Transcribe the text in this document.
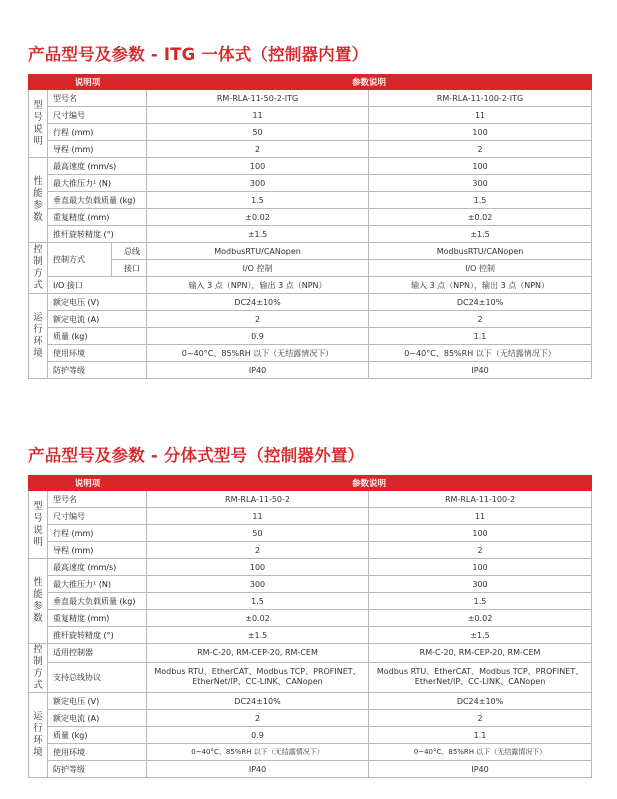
产品型号及参数 - ITG 一体式（控制器内置）
说明项			参数说明	
型
号
说
明	型号名		RM-RLA-11-50-2-ITG	RM-RLA-11-100-2-ITG
	尺寸编号		11	11
	行程 (mm)		50	100
	导程 (mm)		2	2
性
能
参
数	最高速度 (mm/s)		100	100
	最大推压力¹ (N)		300	300
	垂直最大负载质量 (kg)		1.5	1.5
	重复精度 (mm)		±0.02	±0.02
	推杆旋转精度 (°)		±1.5	±1.5
控
制
方
式	控制方式	总线	ModbusRTU/CANopen	ModbusRTU/CANopen
		接口	I/O 控制	I/O 控制
	I/O 接口		输入 3 点（NPN），输出 3 点（NPN）	输入 3 点（NPN），输出 3 点（NPN）
运
行
环
境	额定电压 (V)		DC24±10%	DC24±10%
	额定电流 (A)		2	2
	质量 (kg)		0.9	1.1
	使用环境		0~40°C、85%RH 以下（无结露情况下）	0~40°C、85%RH 以下（无结露情况下）
	防护等级		IP40	IP40
产品型号及参数 - 分体式型号（控制器外置）
说明项		参数说明	
型
号
说
明	型号名	RM-RLA-11-50-2	RM-RLA-11-100-2
	尺寸编号	11	11
	行程 (mm)	50	100
	导程 (mm)	2	2
性
能
参
数	最高速度 (mm/s)	100	100
	最大推压力¹ (N)	300	300
	垂直最大负载质量 (kg)	1.5	1.5
	重复精度 (mm)	±0.02	±0.02
	推杆旋转精度 (°)	±1.5	±1.5
控
制
方
式	适用控制器	RM-C-20, RM-CEP-20, RM-CEM	RM-C-20, RM-CEP-20, RM-CEM
	支持总线协议	Modbus RTU、EtherCAT、Modbus TCP、PROFINET、EtherNet/IP、CC-LINK、CANopen	Modbus RTU、EtherCAT、Modbus TCP、PROFINET、EtherNet/IP、CC-LINK、CANopen
运
行
环
境	额定电压 (V)	DC24±10%	DC24±10%
	额定电流 (A)	2	2
	质量 (kg)	0.9	1.1
	使用环境	0~40°C、85%RH 以下（无结露情况下）	0~40°C、85%RH 以下（无结露情况下）
	防护等级	IP40	IP40
